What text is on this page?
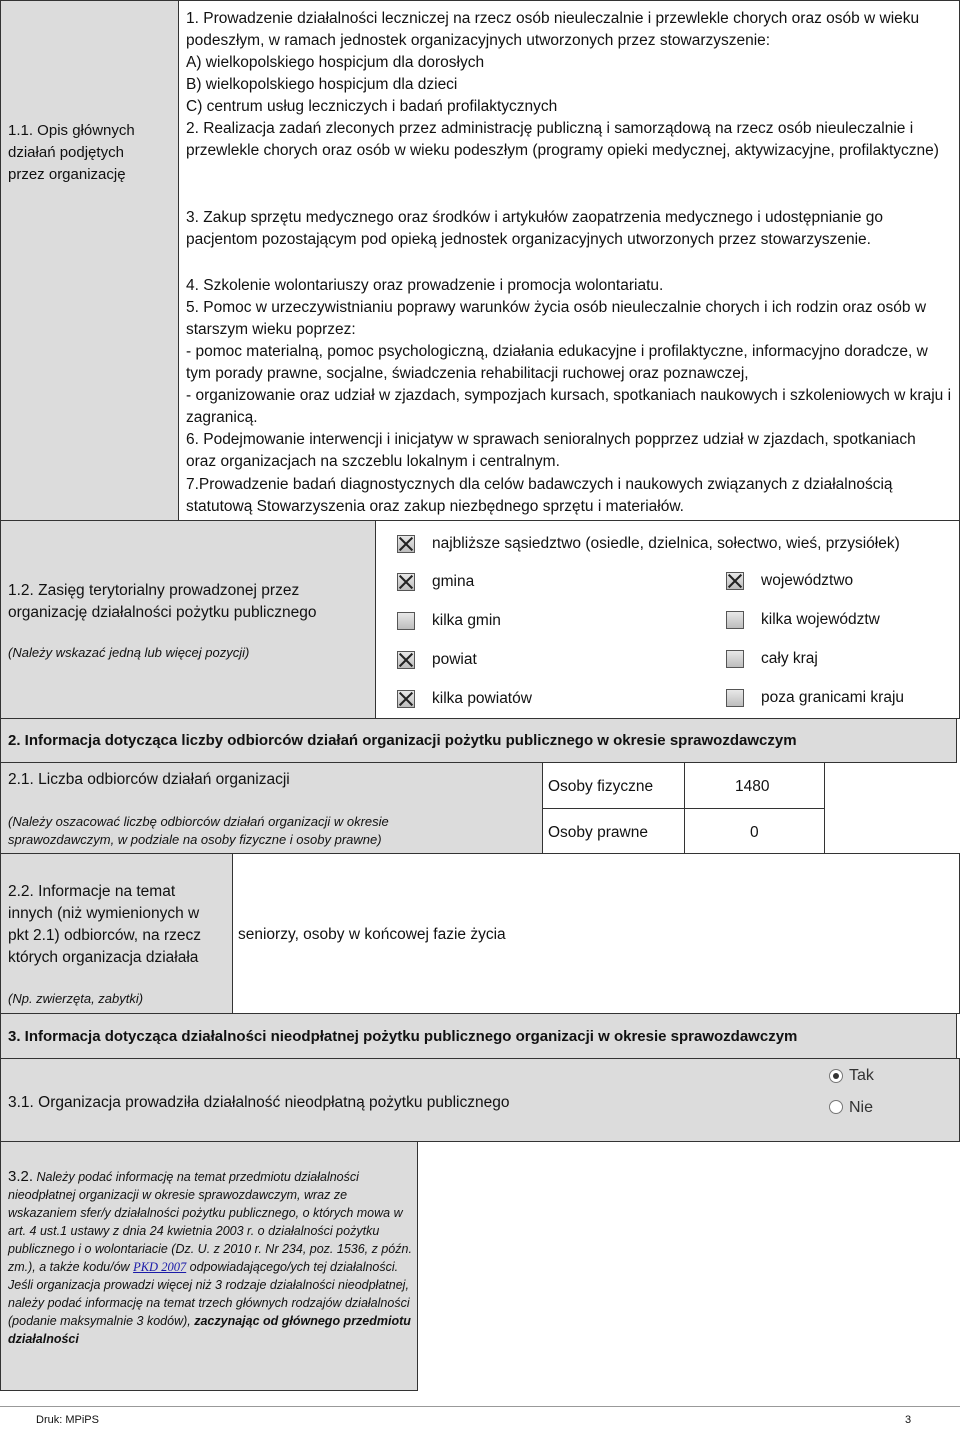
1.1. Opis głównych
działań podjętych
przez organizację
1. Prowadzenie działalności leczniczej na rzecz osób nieuleczalnie i przewlekle chorych oraz osób w wieku podeszłym, w ramach jednostek organizacyjnych utworzonych przez stowarzyszenie:
A) wielkopolskiego hospicjum dla dorosłych
B) wielkopolskiego hospicjum dla dzieci
C) centrum usług leczniczych i badań profilaktycznych
2. Realizacja zadań zleconych przez administrację publiczną i samorządową na rzecz osób nieuleczalnie i przewlekle chorych oraz osób w wieku podeszłym (programy opieki medycznej, aktywizacyjne, profilaktyczne)
3. Zakup sprzętu medycznego oraz środków i artykułów zaopatrzenia medycznego i udostępnianie go pacjentom pozostającym pod opieką jednostek organizacyjnych utworzonych przez stowarzyszenie.
4. Szkolenie wolontariuszy oraz prowadzenie i promocja wolontariatu.
5. Pomoc w urzeczywistnianiu poprawy warunków życia osób nieuleczalnie chorych i ich rodzin oraz osób w starszym wieku poprzez:
- pomoc materialną, pomoc psychologiczną, działania edukacyjne i profilaktyczne, informacyjno doradcze, w tym porady prawne, socjalne, świadczenia rehabilitacji ruchowej oraz poznawczej,
- organizowanie oraz udział w zjazdach, sympozjach kursach, spotkaniach naukowych i szkoleniowych w kraju i zagranicą.
6. Podejmowanie interwencji i inicjatyw w sprawach senioralnych popprzez udział w zjazdach, spotkaniach oraz organizacjach na szczeblu lokalnym i centralnym.
7.Prowadzenie badań diagnostycznych dla celów badawczych i naukowych związanych z działalnością statutową Stowarzyszenia oraz zakup niezbędnego sprzętu i materiałów.
1.2. Zasięg terytorialny prowadzonej przez
organizację działalności pożytku publicznego
(Należy wskazać jedną lub więcej pozycji)
najbliższe sąsiedztwo (osiedle, dzielnica, sołectwo, wieś, przysiółek)
gmina	województwo
kilka gmin	kilka województw
powiat	cały kraj
kilka powiatów	poza granicami kraju
2. Informacja dotycząca liczby odbiorców działań organizacji pożytku publicznego w okresie sprawozdawczym
2.1. Liczba odbiorców działań organizacji
(Należy oszacować liczbę odbiorców działań organizacji w okresie
sprawozdawczym, w podziale na osoby fizyczne i osoby prawne)
Osoby fizyczne	1480
Osoby prawne	0
2.2. Informacje na temat
innych (niż wymienionych w
pkt 2.1) odbiorców, na rzecz
których organizacja działała
(Np. zwierzęta, zabytki)
seniorzy, osoby w końcowej fazie życia
3. Informacja dotycząca działalności nieodpłatnej pożytku publicznego organizacji w okresie sprawozdawczym
3.1. Organizacja prowadziła działalność nieodpłatną pożytku publicznego
Tak
Nie
3.2. Należy podać informację na temat przedmiotu działalności nieodpłatnej organizacji w okresie sprawozdawczym, wraz ze wskazaniem sfer/y działalności pożytku publicznego, o których mowa w art. 4 ust.1 ustawy z dnia 24 kwietnia 2003 r. o działalności pożytku publicznego i o wolontariacie (Dz. U. z 2010 r. Nr 234, poz. 1536, z późn. zm.), a także kodu/ów PKD 2007 odpowiadającego/ych tej działalności. Jeśli organizacja prowadzi więcej niż 3 rodzaje działalności nieodpłatnej, należy podać informację na temat trzech głównych rodzajów działalności (podanie maksymalnie 3 kodów), zaczynając od głównego przedmiotu działalności
Druk: MPiPS	3
